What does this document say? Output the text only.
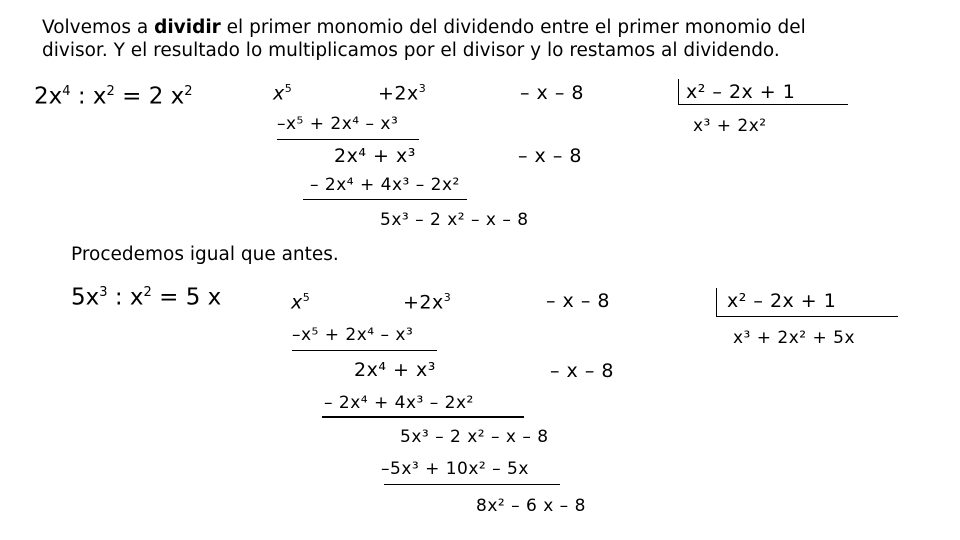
Volvemos a dividir el primer monomio del dividendo entre el primer monomio del
divisor. Y el resultado lo multiplicamos por el divisor y lo restamos al dividendo.
$2x^4$ : $x^2 = 2$ $x^2$	$x^5$	$+2x^3$	– x – 8	x² – 2x + 1
x³ + 2x²
–x⁵ + 2x⁴ – x³
2x⁴ + x³	– x – 8
– 2x⁴ + 4x³ – 2x²
5x³ – 2 x² – x – 8
Procedemos igual que antes.
$5x^3$ : $x^2 = 5$ x	$x^5$	$+2x^3$	– x – 8	x² – 2x + 1
x³ + 2x² + 5x
–x⁵ + 2x⁴ – x³
2x⁴ + x³	– x – 8
– 2x⁴ + 4x³ – 2x²
5x³ – 2 x² – x – 8
–5x³ + 10x² – 5x
8x² – 6 x – 8
